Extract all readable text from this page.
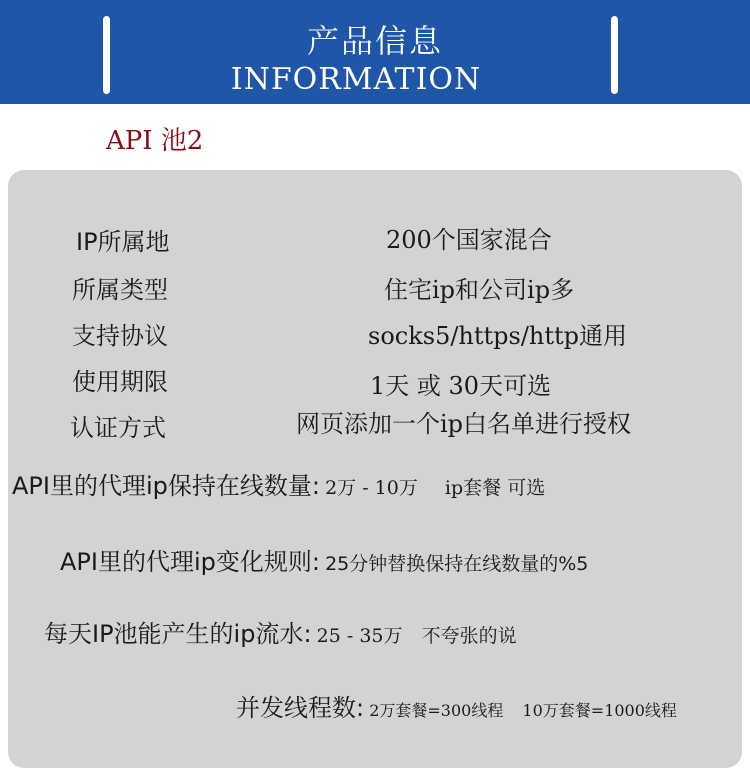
产品信息
INFORMATION
API 池2
IP所属地	200个国家混合
所属类型	住宅ip和公司ip多
支持协议	socks5/https/http通用
使用期限	1天 或 30天可选
认证方式	网页添加一个ip白名单进行授权
API里的代理ip保持在线数量: 2万 - 10万 ip套餐 可选
API里的代理ip变化规则: 25分钟替换保持在线数量的%5
每天IP池能产生的ip流水: 25 - 35万 不夸张的说
并发线程数: 2万套餐=300线程 10万套餐=1000线程
